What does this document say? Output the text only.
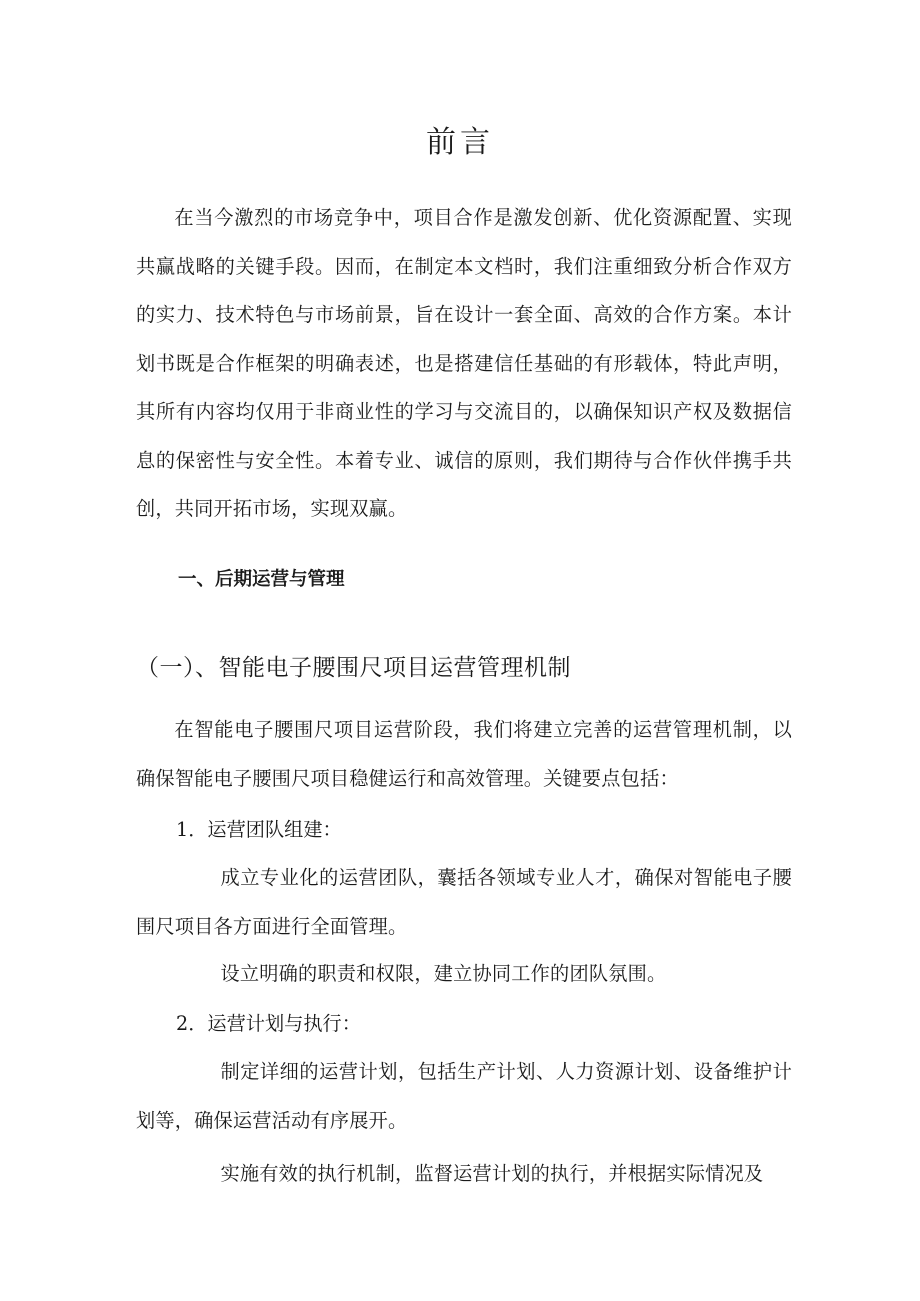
前言

在当今激烈的市场竞争中，项目合作是激发创新、优化资源配置、实现共赢战略的关键手段。因而，在制定本文档时，我们注重细致分析合作双方的实力、技术特色与市场前景，旨在设计一套全面、高效的合作方案。本计划书既是合作框架的明确表述，也是搭建信任基础的有形载体，特此声明，其所有内容均仅用于非商业性的学习与交流目的，以确保知识产权及数据信息的保密性与安全性。本着专业、诚信的原则，我们期待与合作伙伴携手共创，共同开拓市场，实现双赢。

一、后期运营与管理
（一）、智能电子腰围尺项目运营管理机制

在智能电子腰围尺项目运营阶段，我们将建立完善的运营管理机制，以确保智能电子腰围尺项目稳健运行和高效管理。关键要点包括：

1．运营团队组建：

成立专业化的运营团队，囊括各领域专业人才，确保对智能电子腰围尺项目各方面进行全面管理。

设立明确的职责和权限，建立协同工作的团队氛围。

2．运营计划与执行：

制定详细的运营计划，包括生产计划、人力资源计划、设备维护计划等，确保运营活动有序展开。

实施有效的执行机制，监督运营计划的执行，并根据实际情况及
